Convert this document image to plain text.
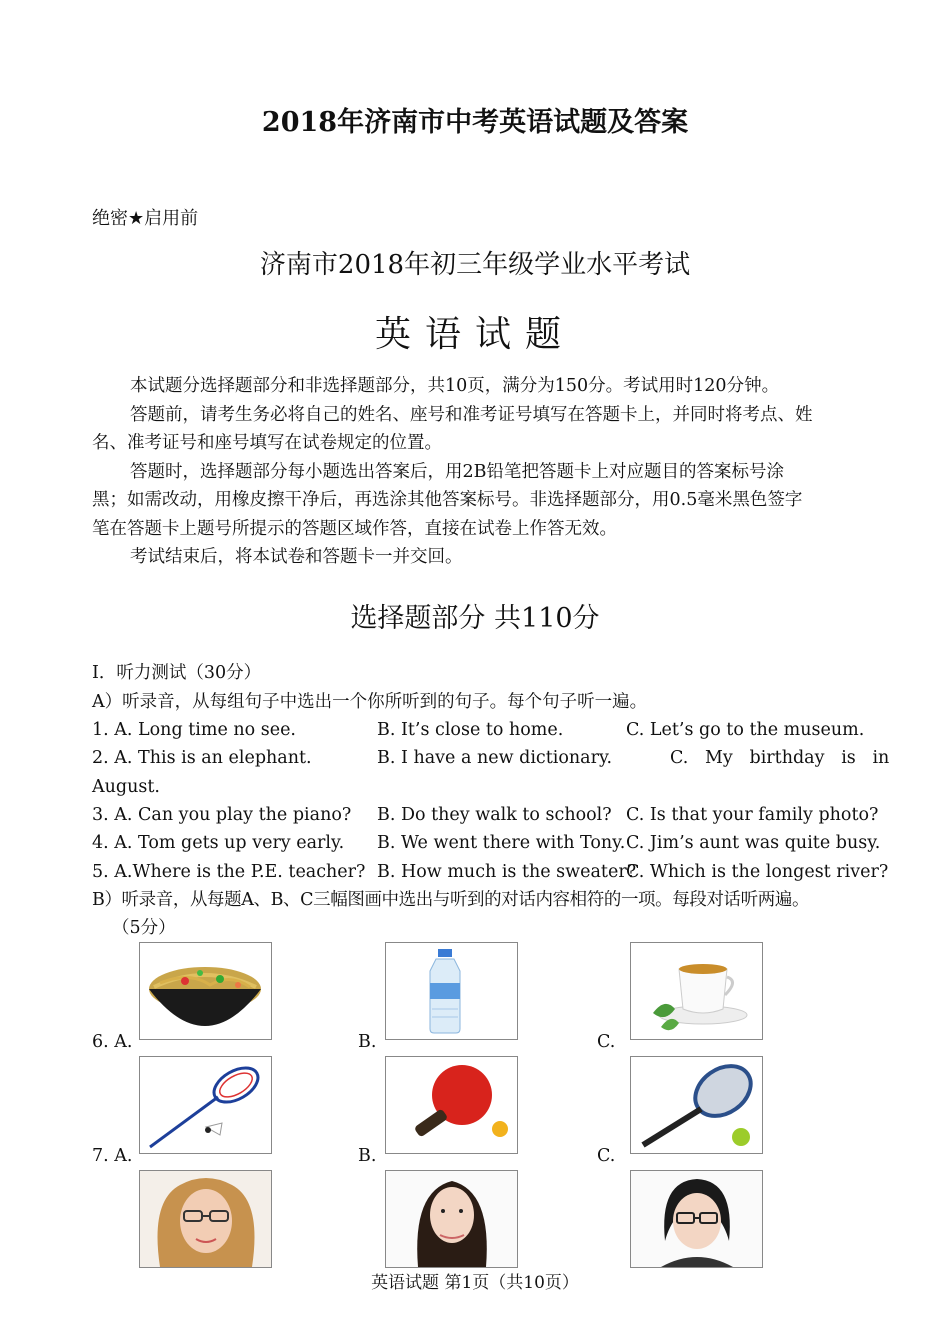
2018年济南市中考英语试题及答案
绝密★启用前
济南市2018年初三年级学业水平考试
英语试题
本试题分选择题部分和非选择题部分，共10页，满分为150分。考试用时120分钟。
答题前，请考生务必将自己的姓名、座号和准考证号填写在答题卡上，并同时将考点、姓
名、准考证号和座号填写在试卷规定的位置。
答题时，选择题部分每小题选出答案后，用2B铅笔把答题卡上对应题目的答案标号涂
黑；如需改动，用橡皮擦干净后，再选涂其他答案标号。非选择题部分，用0.5毫米黑色签字
笔在答题卡上题号所提示的答题区域作答，直接在试卷上作答无效。
考试结束后，将本试卷和答题卡一并交回。
选择题部分 共110分
I．听力测试（30分）
A）听录音，从每组句子中选出一个你所听到的句子。每个句子听一遍。
1. A. Long time no see.	B. It’s close to home.	C. Let’s go to the museum.
2. A. This is an elephant.	B. I have a new dictionary.	C.   My   birthday   is   in
August.
3. A. Can you play the piano? B. Do they walk to school? C. Is that your family photo?
4. A. Tom gets up very early. B. We went there with Tony. C. Jim’s aunt was quite busy.
5. A.Where is the P.E. teacher? B. How much is the sweater?
C. Which is the longest river?
B）听录音，从每题A、B、C三幅图画中选出与听到的对话内容相符的一项。每段对话听两遍。
（5分）
6. A.	B.	C.
7. A.	B.	C.
英语试题 第1页（共10页）
